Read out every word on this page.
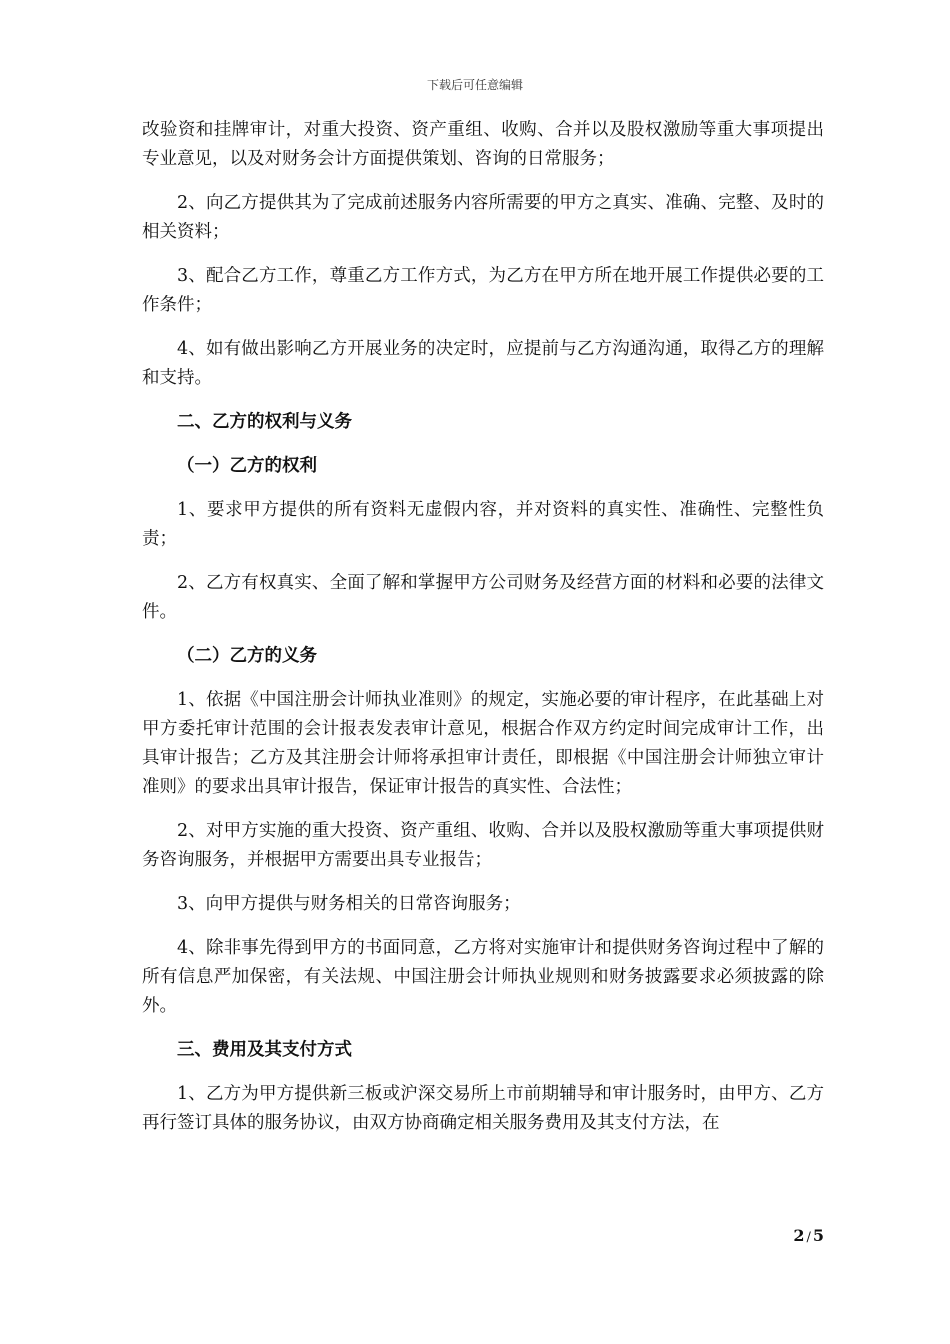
下载后可任意编辑

改验资和挂牌审计，对重大投资、资产重组、收购、合并以及股权激励等重大事项提出专业意见，以及对财务会计方面提供策划、咨询的日常服务；

2、向乙方提供其为了完成前述服务内容所需要的甲方之真实、准确、完整、及时的相关资料；

3、配合乙方工作，尊重乙方工作方式，为乙方在甲方所在地开展工作提供必要的工作条件；

4、如有做出影响乙方开展业务的决定时，应提前与乙方沟通沟通，取得乙方的理解和支持。

二、乙方的权利与义务

（一）乙方的权利

1、要求甲方提供的所有资料无虚假内容，并对资料的真实性、准确性、完整性负责；

2、乙方有权真实、全面了解和掌握甲方公司财务及经营方面的材料和必要的法律文件。

（二）乙方的义务

1、依据《中国注册会计师执业准则》的规定，实施必要的审计程序，在此基础上对甲方委托审计范围的会计报表发表审计意见，根据合作双方约定时间完成审计工作，出具审计报告；乙方及其注册会计师将承担审计责任，即根据《中国注册会计师独立审计准则》的要求出具审计报告，保证审计报告的真实性、合法性；

2、对甲方实施的重大投资、资产重组、收购、合并以及股权激励等重大事项提供财务咨询服务，并根据甲方需要出具专业报告；

3、向甲方提供与财务相关的日常咨询服务；

4、除非事先得到甲方的书面同意，乙方将对实施审计和提供财务咨询过程中了解的所有信息严加保密，有关法规、中国注册会计师执业规则和财务披露要求必须披露的除外。

三、费用及其支付方式

1、乙方为甲方提供新三板或沪深交易所上市前期辅导和审计服务时，由甲方、乙方再行签订具体的服务协议，由双方协商确定相关服务费用及其支付方法，在

2 / 5
